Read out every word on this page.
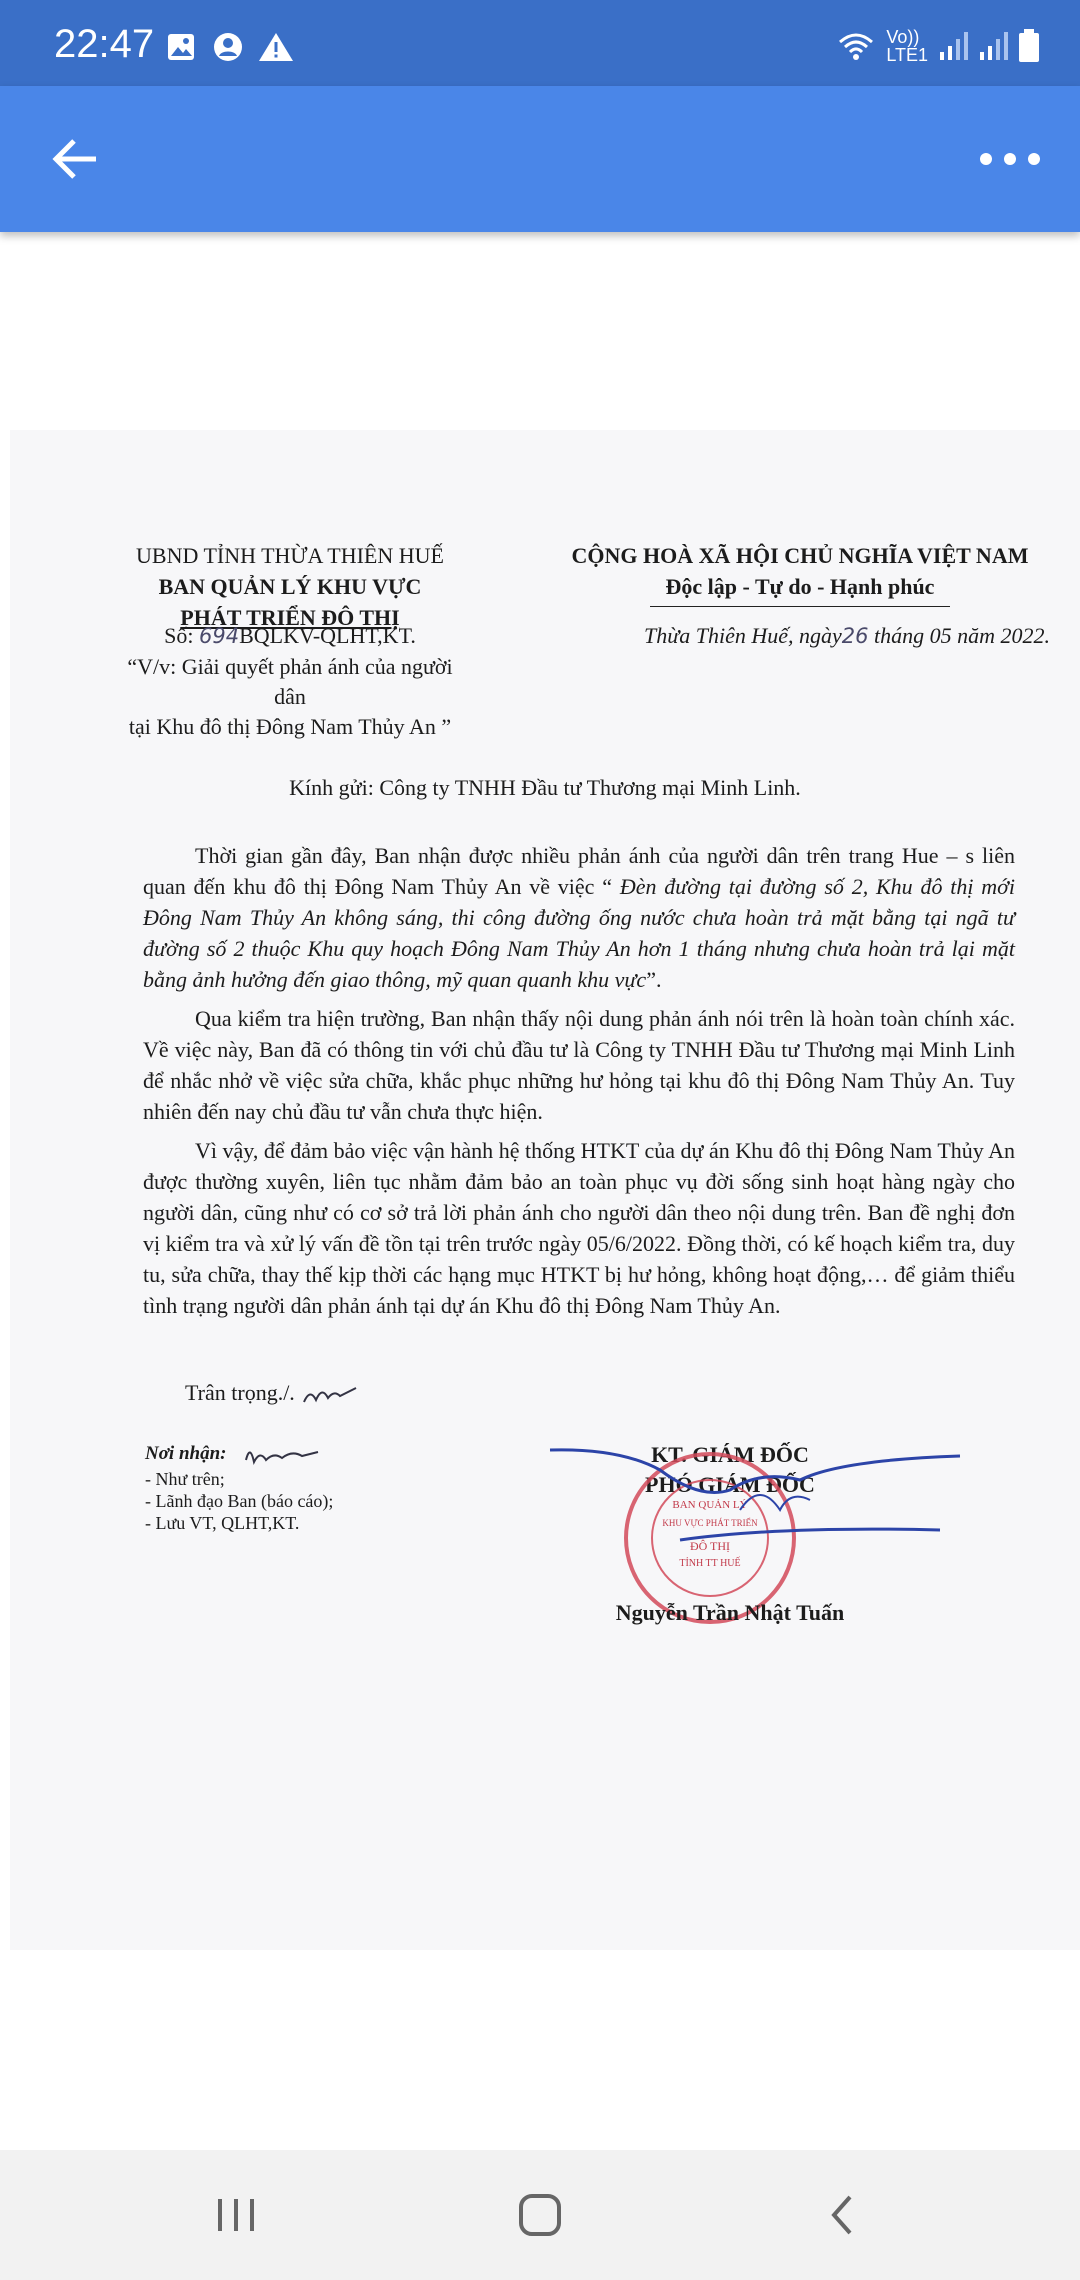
22:47	Vo))
LTE1
UBND TỈNH THỪA THIÊN HUẾ
BAN QUẢN LÝ KHU VỰC
PHÁT TRIỂN ĐÔ THỊ
Số: 694BQLKV-QLHT,KT.
“V/v: Giải quyết phản ánh của người dân
tại Khu đô thị Đông Nam Thủy An ”
CỘNG HOÀ XÃ HỘI CHỦ NGHĨA VIỆT NAM
Độc lập - Tự do - Hạnh phúc
Thừa Thiên Huế, ngày26 tháng 05 năm 2022.
Kính gửi: Công ty TNHH Đầu tư Thương mại Minh Linh.

Thời gian gần đây, Ban nhận được nhiều phản ánh của người dân trên trang Hue – s liên quan đến khu đô thị Đông Nam Thủy An về việc “ Đèn đường tại đường số 2, Khu đô thị mới Đông Nam Thủy An không sáng, thi công đường ống nước chưa hoàn trả mặt bằng tại ngã tư đường số 2 thuộc Khu quy hoạch Đông Nam Thủy An hơn 1 tháng nhưng chưa hoàn trả lại mặt bằng ảnh hưởng đến giao thông, mỹ quan quanh khu vực”.

Qua kiểm tra hiện trường, Ban nhận thấy nội dung phản ánh nói trên là hoàn toàn chính xác. Về việc này, Ban đã có thông tin với chủ đầu tư là Công ty TNHH Đầu tư Thương mại Minh Linh để nhắc nhở về việc sửa chữa, khắc phục những hư hỏng tại khu đô thị Đông Nam Thủy An. Tuy nhiên đến nay chủ đầu tư vẫn chưa thực hiện.

Vì vậy, để đảm bảo việc vận hành hệ thống HTKT của dự án Khu đô thị Đông Nam Thủy An được thường xuyên, liên tục nhằm đảm bảo an toàn phục vụ đời sống sinh hoạt hàng ngày cho người dân, cũng như có cơ sở trả lời phản ánh cho người dân theo nội dung trên. Ban đề nghị đơn vị kiểm tra và xử lý vấn đề tồn tại trên trước ngày 05/6/2022. Đồng thời, có kế hoạch kiểm tra, duy tu, sửa chữa, thay thế kịp thời các hạng mục HTKT bị hư hỏng, không hoạt động,… để giảm thiểu tình trạng người dân phản ánh tại dự án Khu đô thị Đông Nam Thủy An.

Trân trọng./.
Nơi nhận:
- Như trên;
- Lãnh đạo Ban (báo cáo);
- Lưu VT, QLHT,KT.
KT. GIÁM ĐỐC
PHÓ GIÁM ĐỐC
BAN QUẢN LÝ
KHU VỰC PHÁT TRIỂN
ĐÔ THỊ
TỈNH TT HUẾ
Nguyễn Trần Nhật Tuấn
